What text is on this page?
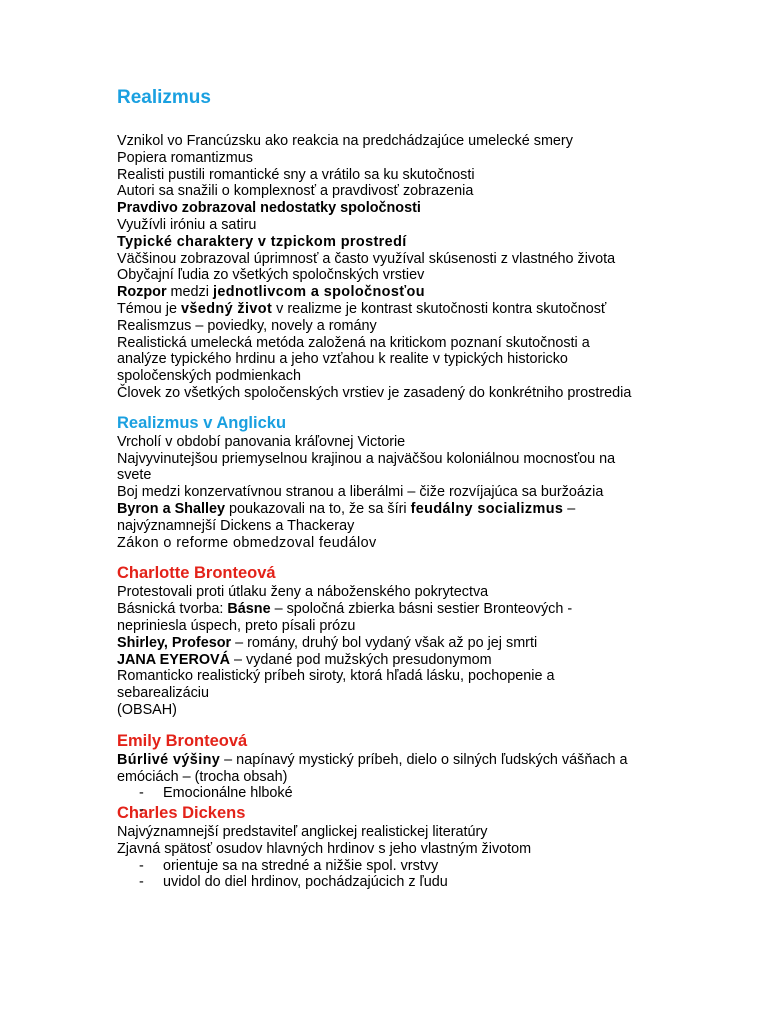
Realizmus
Vznikol vo Francúzsku ako reakcia na predchádzajúce umelecké smery
Popiera romantizmus
Realisti pustili romantické sny a vrátilo sa ku skutočnosti
Autori sa snažili o komplexnosť a pravdivosť zobrazenia
Pravdivo zobrazoval nedostatky spoločnosti
Využívli iróniu a satiru
Typické charaktery v tzpickom prostredí
Väčšinou zobrazoval úprimnosť a často využíval skúsenosti z vlastného života
Obyčajní ľudia zo všetkých spoločnských vrstiev
Rozpor medzi jednotlivcom a spoločnosťou
Témou je všedný život v realizme je kontrast skutočnosti kontra skutočnosť
Realismzus – poviedky, novely a romány
Realistická umelecká metóda založená na kritickom poznaní skutočnosti a analýze typického hrdinu a jeho vzťahou k realite v typických historicko spoločenských podmienkach
Človek zo všetkých spoločenských vrstiev je zasadený do konkrétniho prostredia
Realizmus v Anglicku
Vrcholí v období panovania kráľovnej Victorie
Najvyvinutejšou priemyselnou krajinou a najväčšou koloniálnou mocnosťou na svete
Boj medzi konzervatívnou stranou a liberálmi – čiže rozvíjajúca sa buržoázia
Byron a Shalley poukazovali na to, že sa šíri feudálny socializmus –
najvýznamnejší Dickens a Thackeray
Zákon o reforme obmedzoval feudálov
Charlotte Bronteová
Protestovali proti útlaku ženy a náboženského pokrytectva
Básnická tvorba: Básne – spoločná zbierka básni sestier Bronteových - nepriniesla úspech, preto písali prózu
Shirley, Profesor – romány, druhý bol vydaný však až po jej smrti
JANA EYEROVÁ – vydané pod mužských presudonymom
Romanticko realistický príbeh siroty, ktorá hľadá lásku, pochopenie a sebarealizáciu
(OBSAH)
Emily Bronteová
Búrlivé výšiny – napínavý mystický príbeh, dielo o silných ľudských vášňach a emóciách – (trocha obsah)
- Emocionálne hlboké
Charles Dickens
Najvýznamnejší predstaviteľ anglickej realistickej literatúry
Zjavná spätosť osudov hlavných hrdinov s jeho vlastným životom
- orientuje sa na stredné a nižšie spol. vrstvy
- uvidol do diel hrdinov, pochádzajúcich z ľudu
